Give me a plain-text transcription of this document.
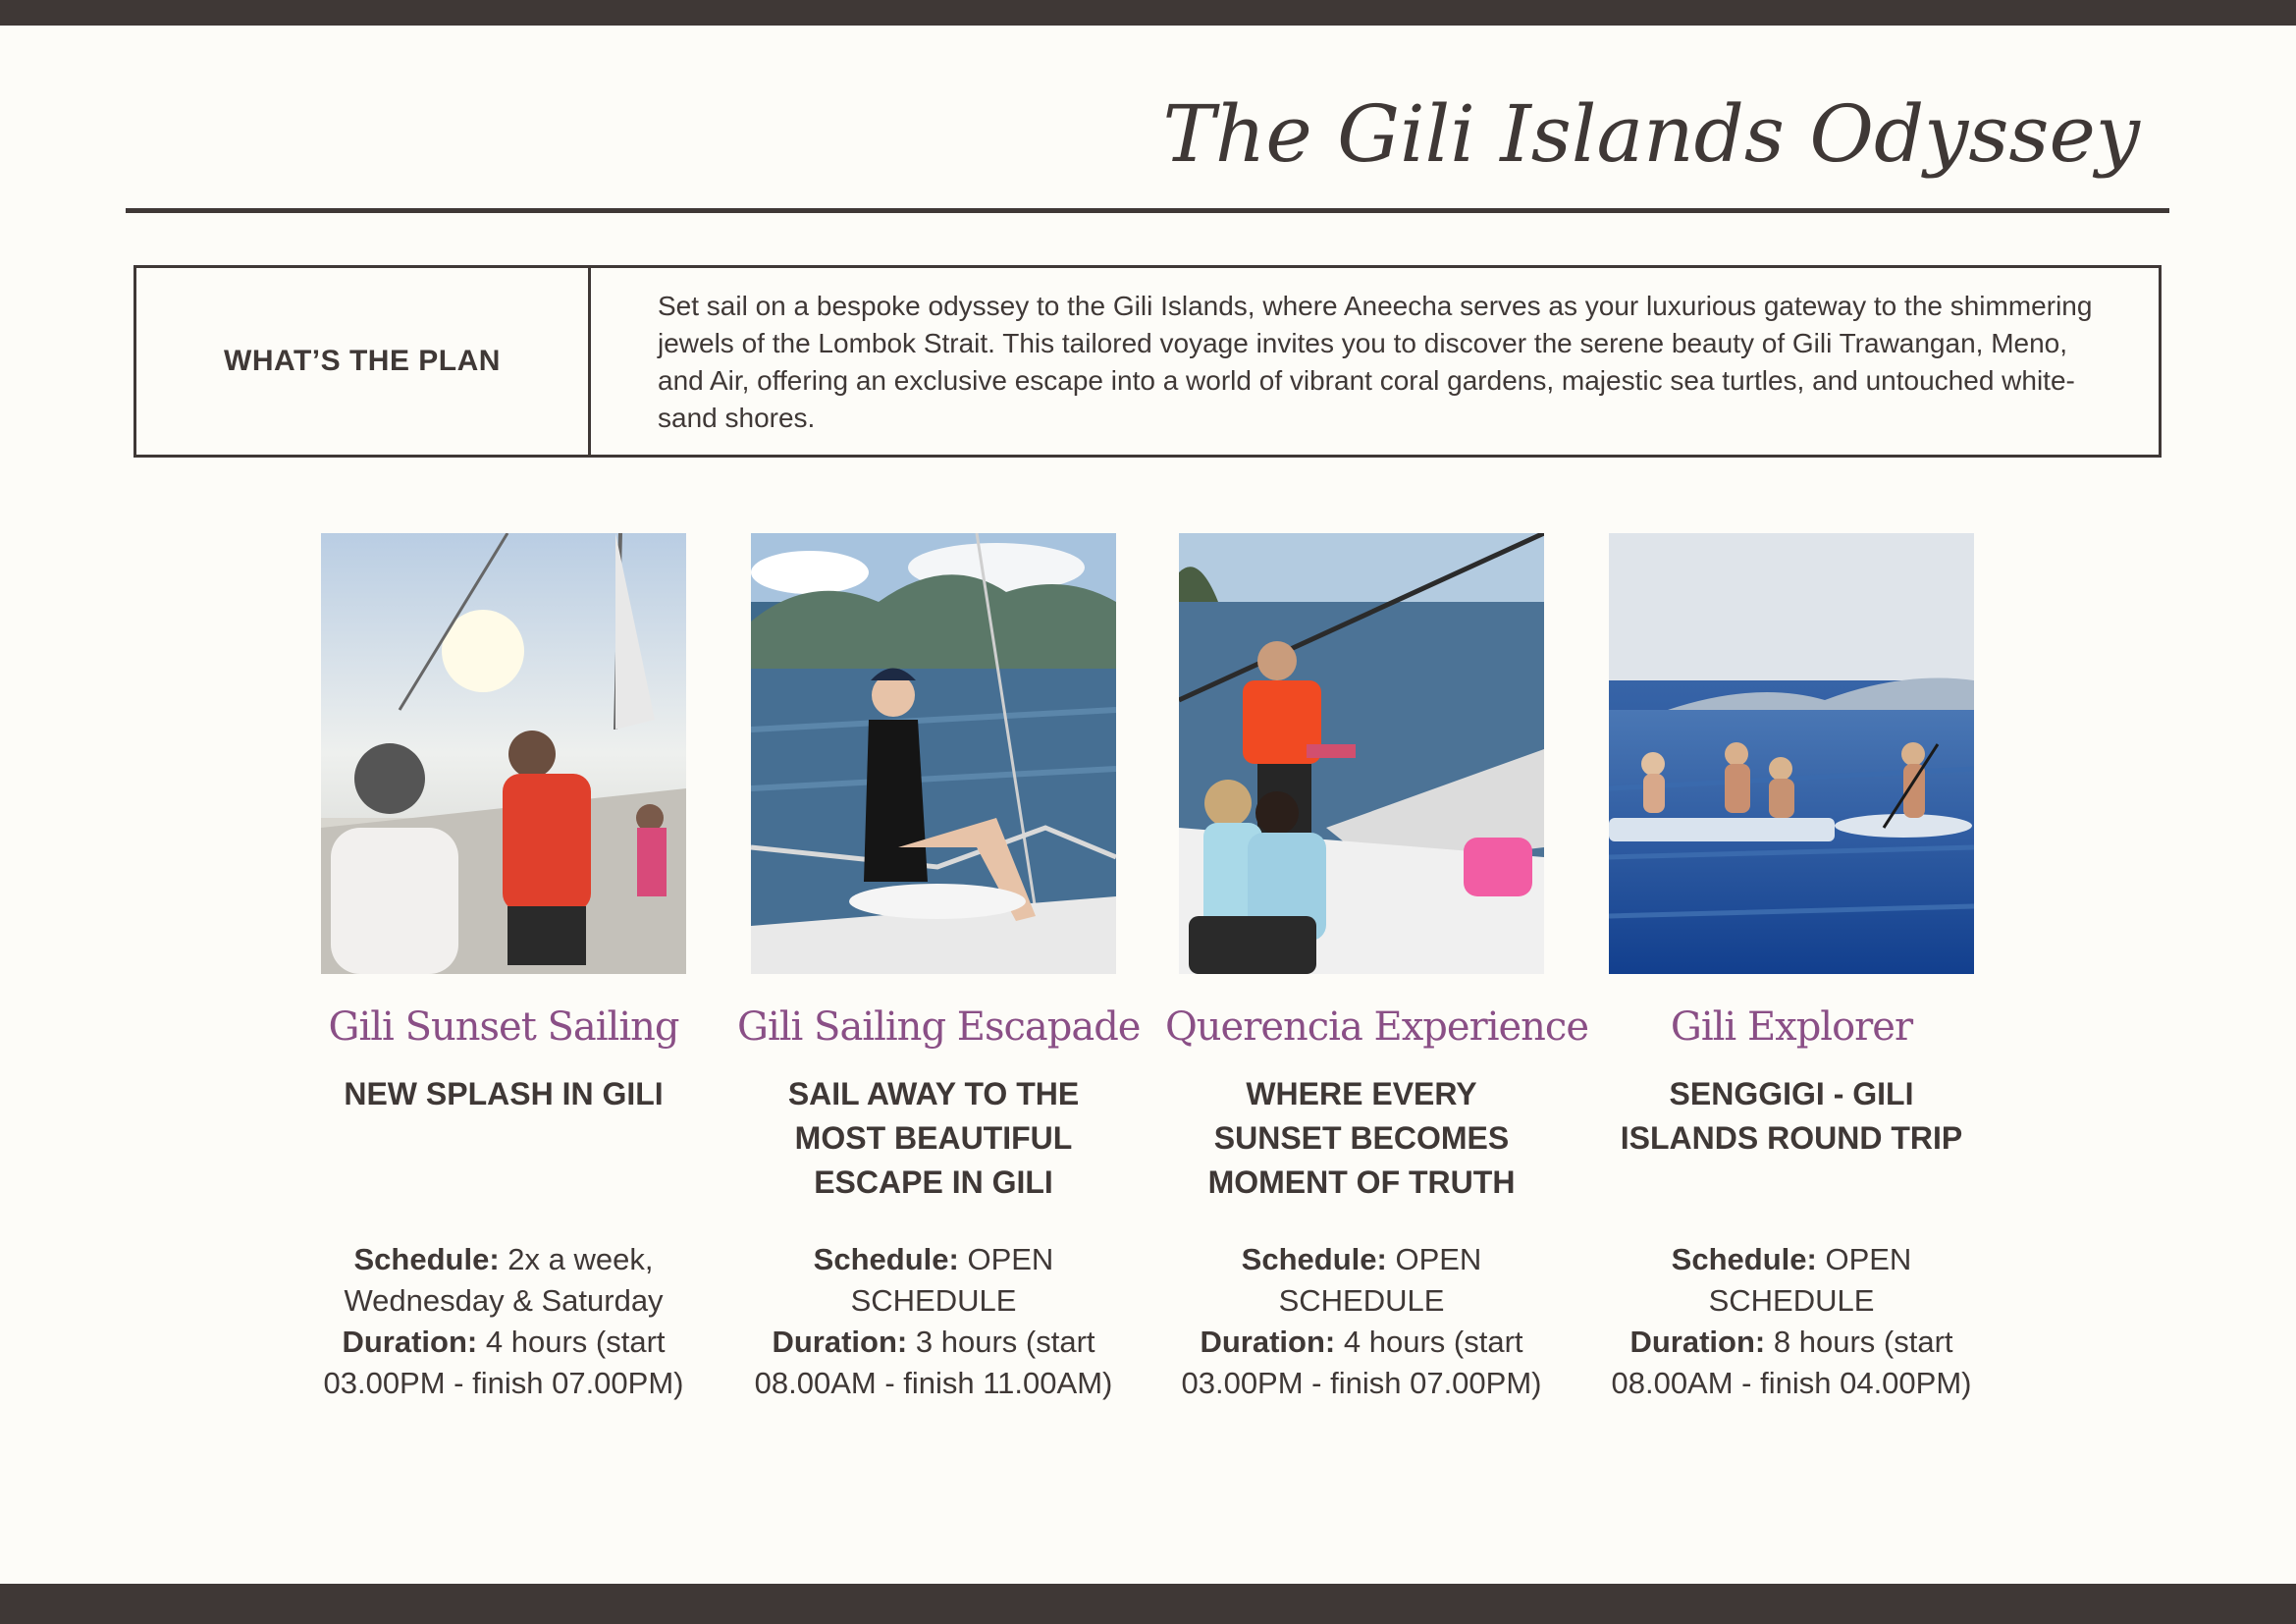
The Gili Islands Odyssey
WHAT’S THE PLAN
Set sail on a bespoke odyssey to the Gili Islands, where Aneecha serves as your luxurious gateway to the shimmering jewels of the Lombok Strait. This tailored voyage invites you to discover the serene beauty of Gili Trawangan, Meno, and Air, offering an exclusive escape into a world of vibrant coral gardens, majestic sea turtles, and untouched white-sand shores.
Gili Sunset Sailing
NEW SPLASH IN GILI
Schedule: 2x a week, Wednesday & Saturday
Duration: 4 hours (start 03.00PM - finish 07.00PM)
Gili Sailing Escapade
SAIL AWAY TO THE MOST BEAUTIFUL ESCAPE IN GILI
Schedule: OPEN SCHEDULE
Duration: 3 hours (start 08.00AM - finish 11.00AM)
Querencia Experience
WHERE EVERY SUNSET BECOMES MOMENT OF TRUTH
Schedule: OPEN SCHEDULE
Duration: 4 hours (start 03.00PM - finish 07.00PM)
Gili Explorer
SENGGIGI - GILI ISLANDS ROUND TRIP
Schedule: OPEN SCHEDULE
Duration: 8 hours (start 08.00AM - finish 04.00PM)
